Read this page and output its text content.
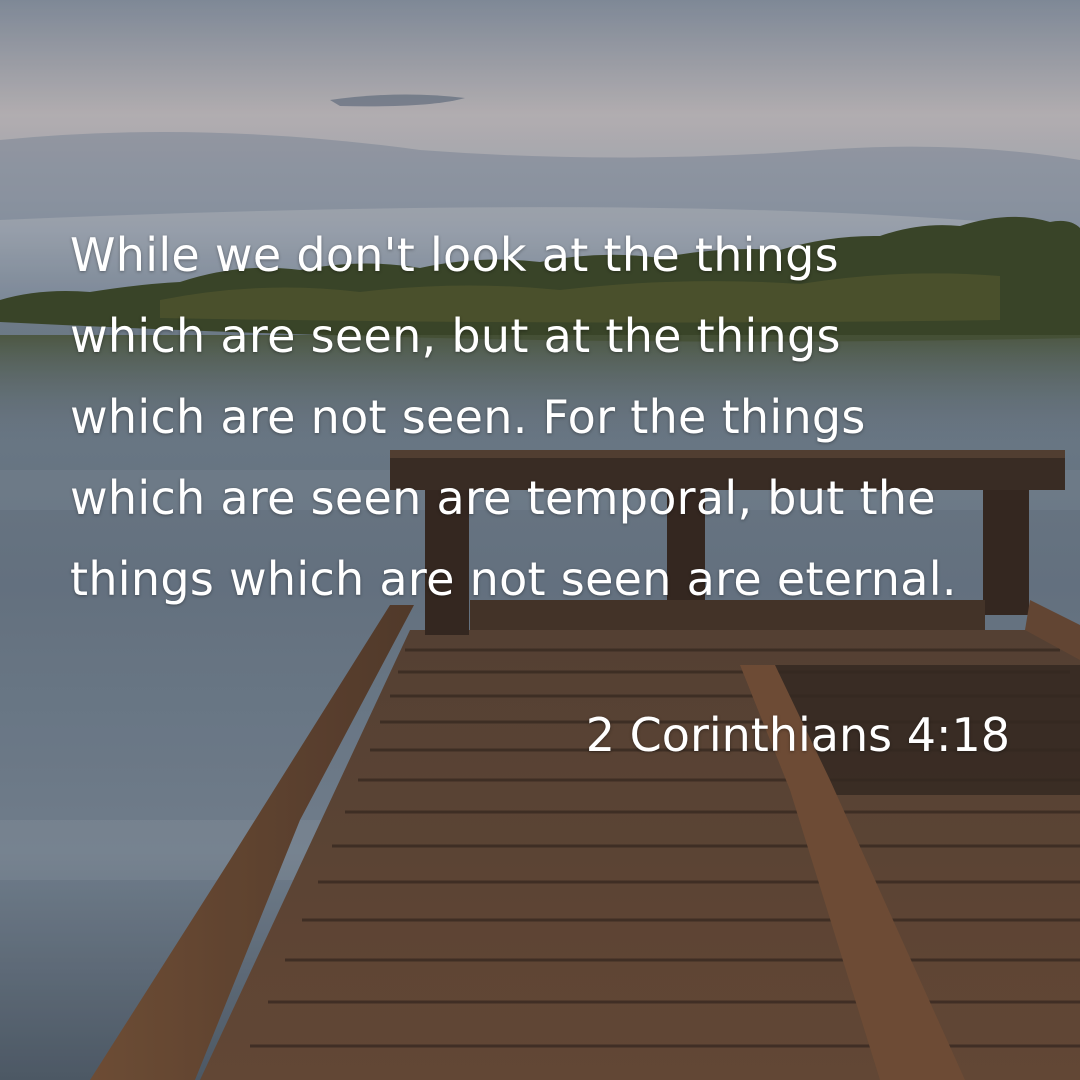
While we don't look at the things which are seen, but at the things which are not seen. For the things which are seen are temporal, but the things which are not seen are eternal.

2 Corinthians 4:18
